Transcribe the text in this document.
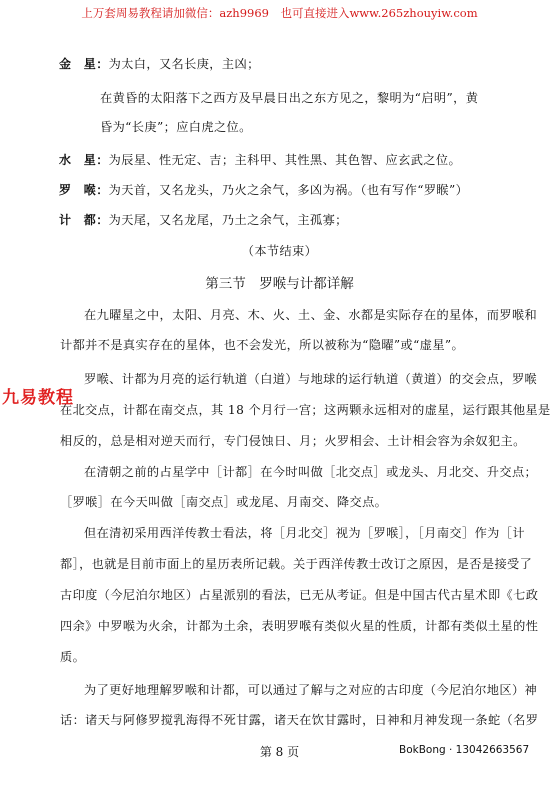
上万套周易教程请加微信：azh9969　也可直接进入www.265zhouyiw.com
金　星：为太白，又名长庚，主凶；
在黄昏的太阳落下之西方及早晨日出之东方见之，黎明为“启明”，黄
昏为“长庚”；应白虎之位。
水　星：为辰星、性无定、吉；主科甲、其性黑、其色智、应玄武之位。
罗　喉：为天首，又名龙头，乃火之余气，多凶为祸。（也有写作“罗睺”）
计　都：为天尾，又名龙尾，乃土之余气，主孤寡；
（本节结束）
第三节　罗喉与计都详解
在九曜星之中，太阳、月亮、木、火、土、金、水都是实际存在的星体，而罗喉和
计都并不是真实存在的星体，也不会发光，所以被称为“隐曜”或“虚星”。
罗喉、计都为月亮的运行轨道（白道）与地球的运行轨道（黄道）的交会点，罗喉
在北交点，计都在南交点，其 18 个月行一宫；这两颗永远相对的虚星，运行跟其他星是
相反的，总是相对逆天而行，专门侵蚀日、月；火罗相会、土计相会容为余奴犯主。
在清朝之前的占星学中［计都］在今时叫做［北交点］或龙头、月北交、升交点；
［罗喉］在今天叫做［南交点］或龙尾、月南交、降交点。
但在清初采用西洋传教士看法，将［月北交］视为［罗喉］，［月南交］作为［计
都］，也就是目前市面上的星历表所记载。关于西洋传教士改订之原因，是否是接受了
古印度（今尼泊尔地区）占星派别的看法，已无从考证。但是中国古代古星术即《七政
四余》中罗喉为火余，计都为土余，表明罗喉有类似火星的性质，计都有类似土星的性
质。
为了更好地理解罗喉和计都，可以通过了解与之对应的古印度（今尼泊尔地区）神
话：诸天与阿修罗搅乳海得不死甘露，诸天在饮甘露时，日神和月神发现一条蛇（名罗
九易教程
第 8 页	BokBong · 13042663567
